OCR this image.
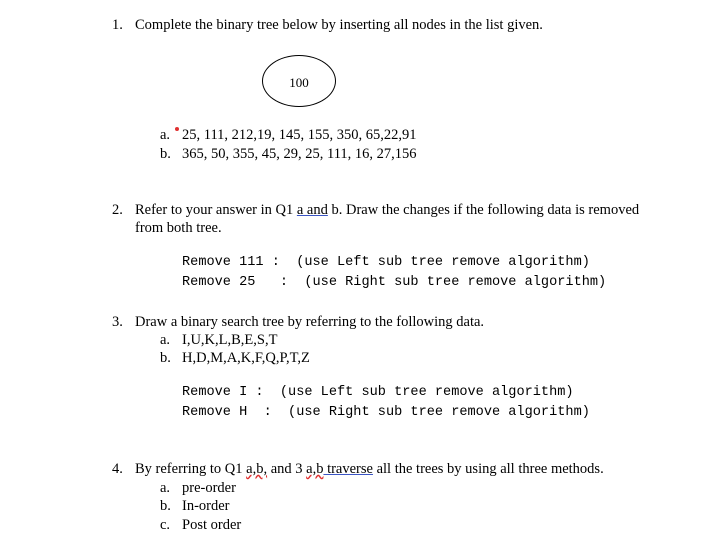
1. Complete the binary tree below by inserting all nodes in the list given.
100
a. 25, 111, 212,19, 145, 155, 350, 65,22,91
b. 365, 50, 355, 45, 29, 25, 111, 16, 27,156
2. Refer to your answer in Q1 a and b. Draw the changes if the following data is removed
from both tree.
Remove 111 :  (use Left sub tree remove algorithm)
Remove 25   :  (use Right sub tree remove algorithm)
3. Draw a binary search tree by referring to the following data.
a. I,U,K,L,B,E,S,T
b. H,D,M,A,K,F,Q,P,T,Z
Remove I :  (use Left sub tree remove algorithm)
Remove H  :  (use Right sub tree remove algorithm)
4. By referring to Q1 a,b, and 3 a,b traverse all the trees by using all three methods.
a. pre-order
b. In-order
c. Post order
